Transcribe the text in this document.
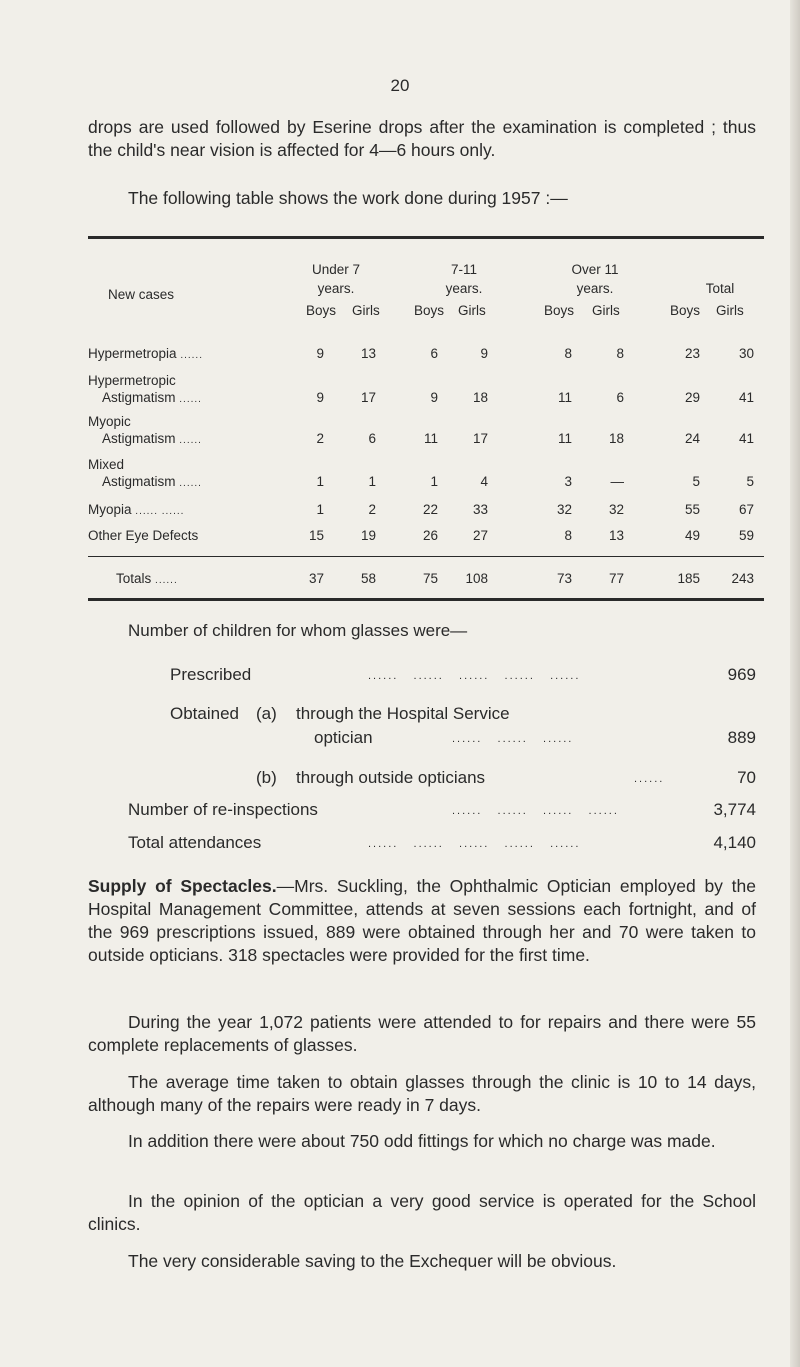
20
drops are used followed by Eserine drops after the examination is completed ; thus the child's near vision is affected for 4—6 hours only.
The following table shows the work done during 1957 :—
New cases
Under 7
years.
7-11
years.
Over 11
years.	Total
Boys Girls	Boys Girls	Boys Girls	Boys Girls
Hypermetropia ......	9	13	6	9	8	8	23	30
Hypermetropic
Astigmatism ......	9	17	9	18	11	6	29	41
Myopic
Astigmatism ......	2	6	11	17	11	18	24	41
Mixed
Astigmatism ......	1	1	1	4	3	—	5	5
Myopia ...... ......	1	2	22	33	32	32	55	67
Other Eye Defects	15	19	26	27	8	13	49	59
Totals ......	37	58	75	108	73	77	185	243
Number of children for whom glasses were—
Prescribed	...... ...... ...... ...... ......	969
Obtained (a) through the Hospital Service
optician	...... ...... ......	889
(b) through outside opticians	......	70
Number of re-inspections	...... ...... ...... ......	3,774
Total attendances	...... ...... ...... ...... ......	4,140
Supply of Spectacles.—Mrs. Suckling, the Ophthalmic Optician employed by the Hospital Management Committee, attends at seven sessions each fortnight, and of the 969 prescriptions issued, 889 were obtained through her and 70 were taken to outside opticians. 318 spectacles were provided for the first time.
During the year 1,072 patients were attended to for repairs and there were 55 complete replacements of glasses.
The average time taken to obtain glasses through the clinic is 10 to 14 days, although many of the repairs were ready in 7 days.
In addition there were about 750 odd fittings for which no charge was made.
In the opinion of the optician a very good service is operated for the School clinics.
The very considerable saving to the Exchequer will be obvious.
